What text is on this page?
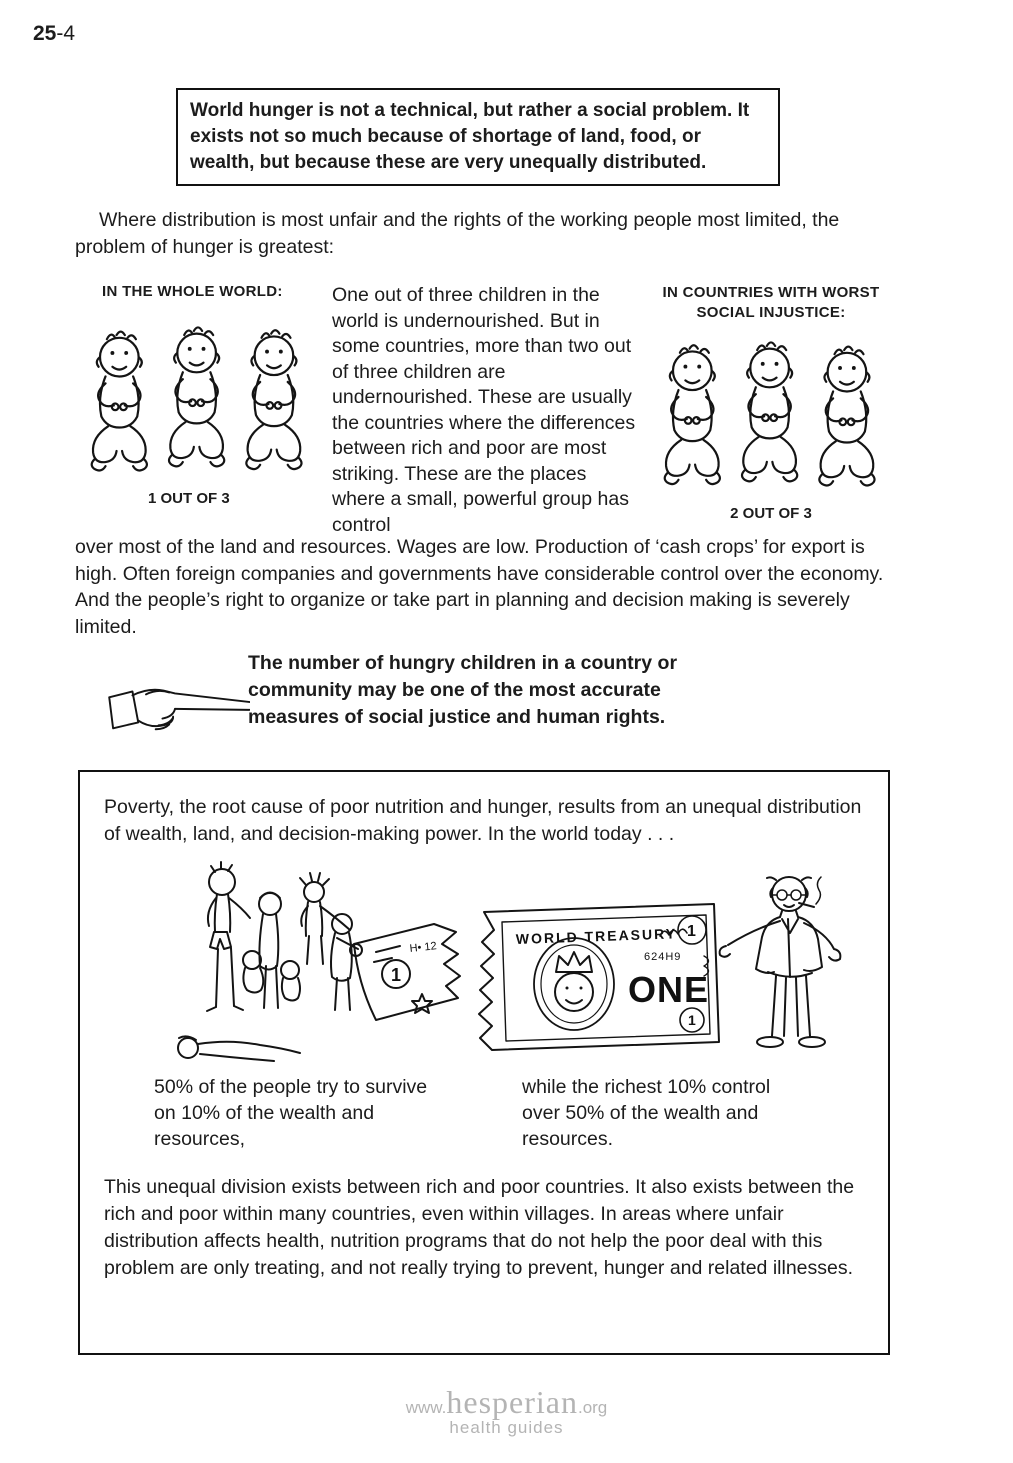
25-4
World hunger is not a technical, but rather a social problem. It exists not so much because of shortage of land, food, or wealth, but because these are very unequally distributed.

Where distribution is most unfair and the rights of the working people most limited, the problem of hunger is greatest:

IN THE WHOLE WORLD:
1 OUT OF 3
One out of three children in the world is undernourished. But in some countries, more than two out of three children are undernourished. These are usually the countries where the differences between rich and poor are most striking. These are the places where a small, powerful group has control
IN COUNTRIES WITH WORST SOCIAL INJUSTICE:
2 OUT OF 3

over most of the land and resources. Wages are low. Production of ‘cash crops’ for export is high. Often foreign companies and governments have considerable control over the economy. And the people’s right to organize or take part in planning and decision making is severely limited.

The number of hungry children in a country or community may be one of the most accurate measures of social justice and human rights.

Poverty, the root cause of poor nutrition and hunger, results from an unequal distribution of wealth, land, and decision-making power. In the world today . . .

WORLD TREASURY
624H9
ONE
1
1
1
H• 12
50% of the people try to survive on 10% of the wealth and resources,
while the richest 10% control over 50% of the wealth and resources.

This unequal division exists between rich and poor countries. It also exists between the rich and poor within many countries, even within villages. In areas where unfair distribution affects health, nutrition programs that do not help the poor deal with this problem are only treating, and not really trying to prevent, hunger and related illnesses.

www.hesperian.org
health guides
